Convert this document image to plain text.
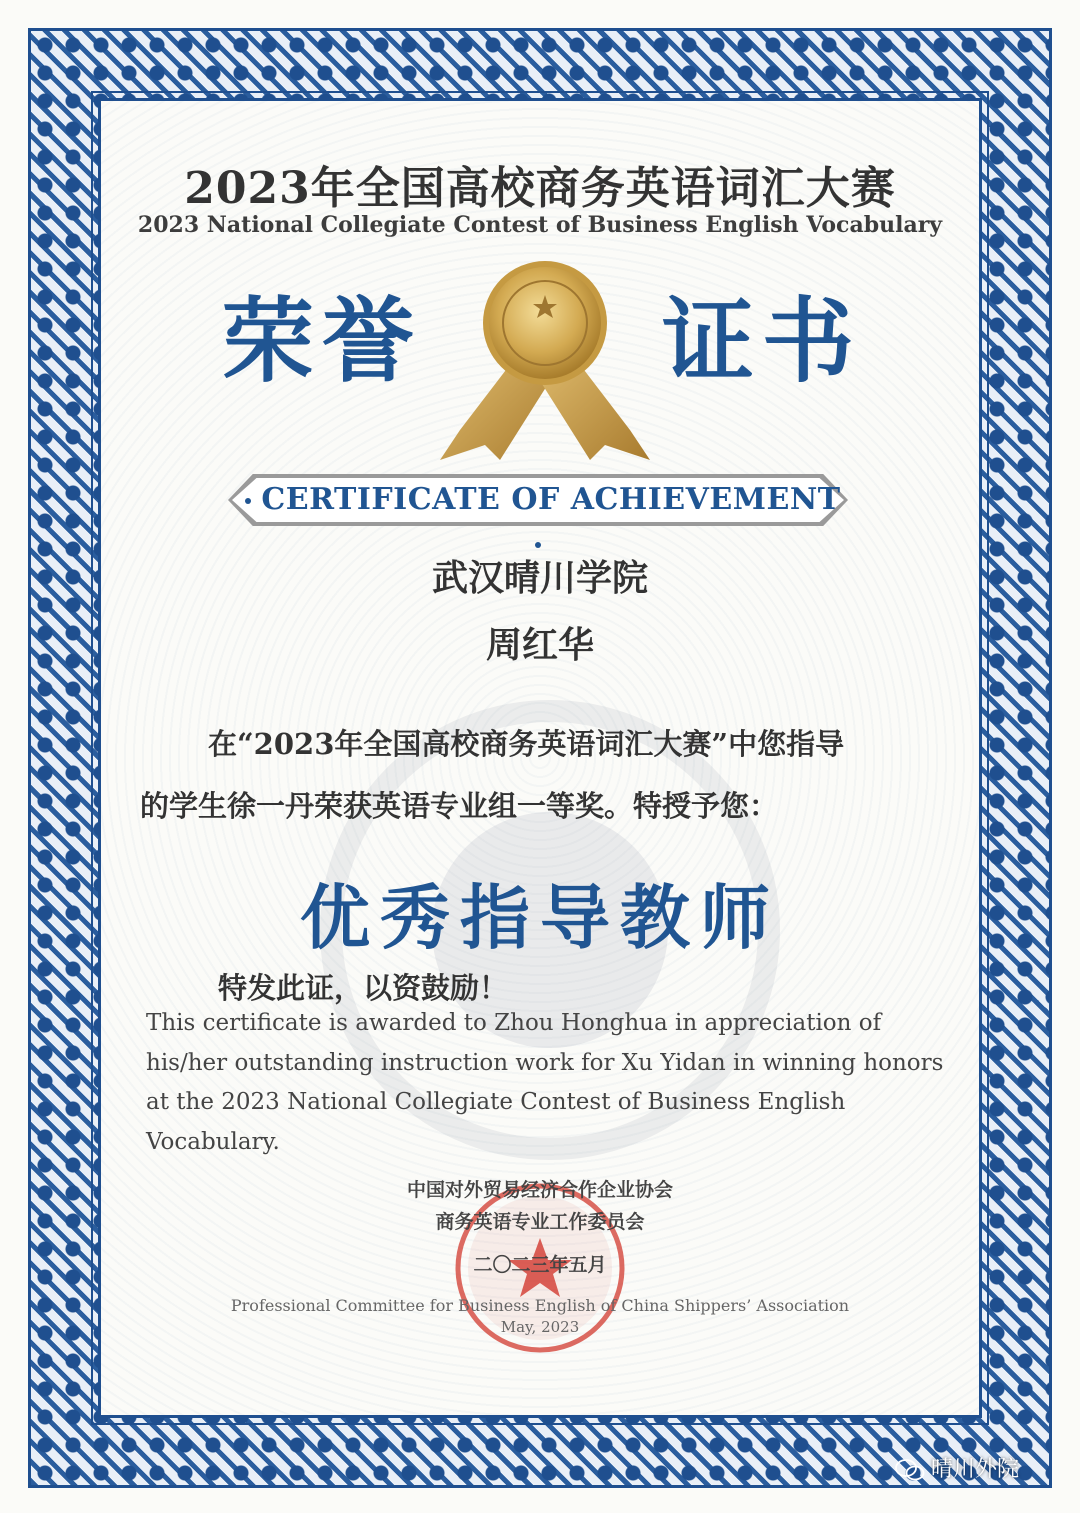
2023年全国高校商务英语词汇大赛
2023 National Collegiate Contest of Business English Vocabulary
荣誉	证书
CERTIFICATE OF ACHIEVEMENT
武汉晴川学院
周红华
在“2023年全国高校商务英语词汇大赛”中您指导
的学生徐一丹荣获英语专业组一等奖。特授予您：
优秀指导教师
特发此证，以资鼓励！
This certificate is awarded to Zhou Honghua in appreciation of his/her outstanding instruction work for Xu Yidan in winning honors at the 2023 National Collegiate Contest of Business English Vocabulary.
中国对外贸易经济合作企业协会
商务英语专业工作委员会
二〇二三年五月
Professional Committee for Business English of China Shippers’ Association
May, 2023
晴川外院
